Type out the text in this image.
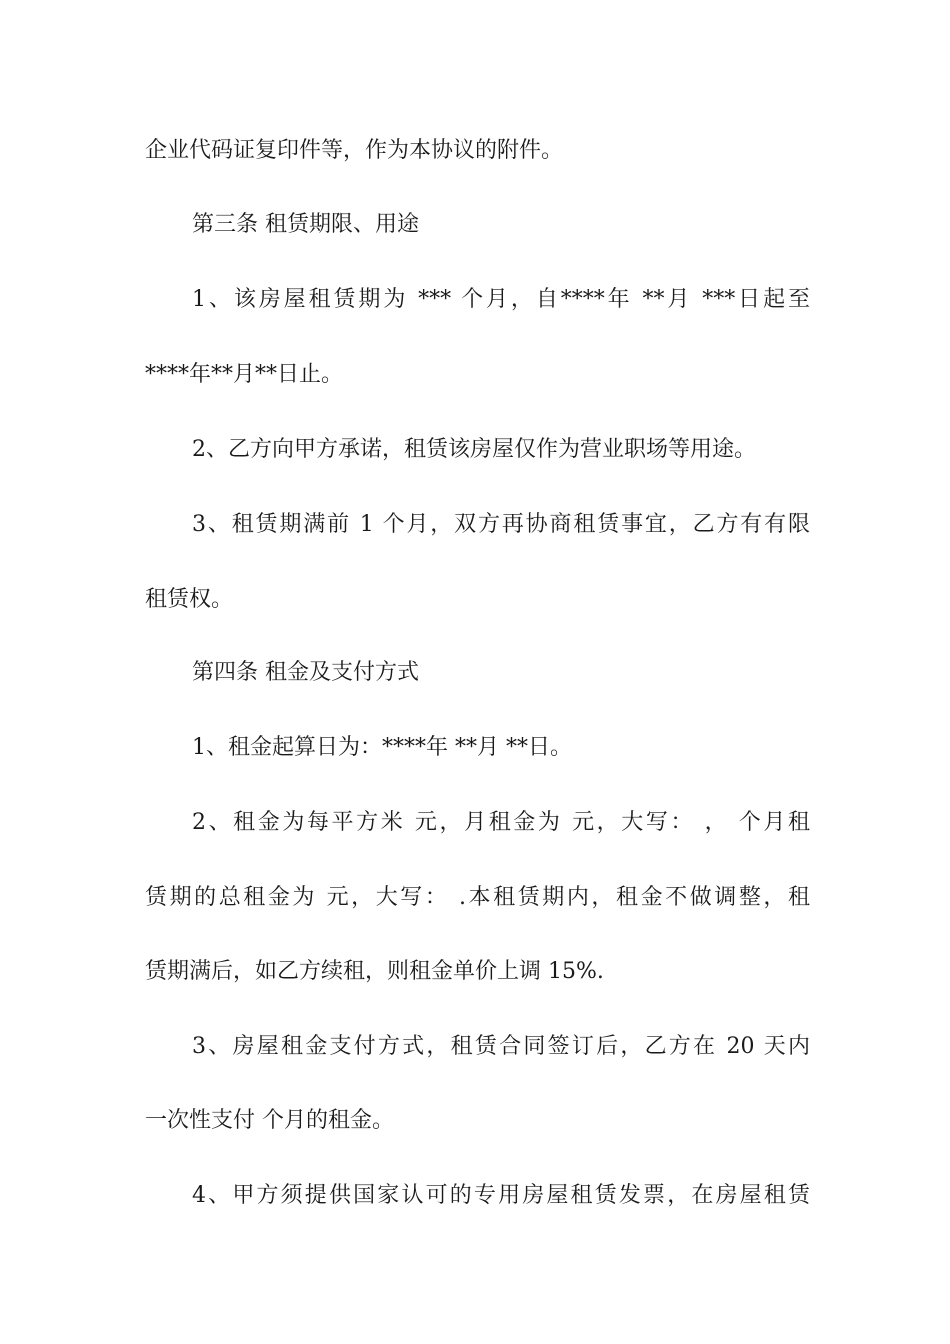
企业代码证复印件等，作为本协议的附件。
第三条 租赁期限、用途
1、该房屋租赁期为 *** 个月，自****年 **月 ***日起至
****年**月**日止。
2、乙方向甲方承诺，租赁该房屋仅作为营业职场等用途。
3、租赁期满前 1 个月，双方再协商租赁事宜，乙方有有限
租赁权。
第四条 租金及支付方式
1、租金起算日为：****年 **月 **日。
2、租金为每平方米 元，月租金为 元，大写： ， 个月租
赁期的总租金为 元，大写： .本租赁期内，租金不做调整，租
赁期满后，如乙方续租，则租金单价上调 15%.
3、房屋租金支付方式，租赁合同签订后，乙方在 20 天内
一次性支付 个月的租金。
4、甲方须提供国家认可的专用房屋租赁发票，在房屋租赁
